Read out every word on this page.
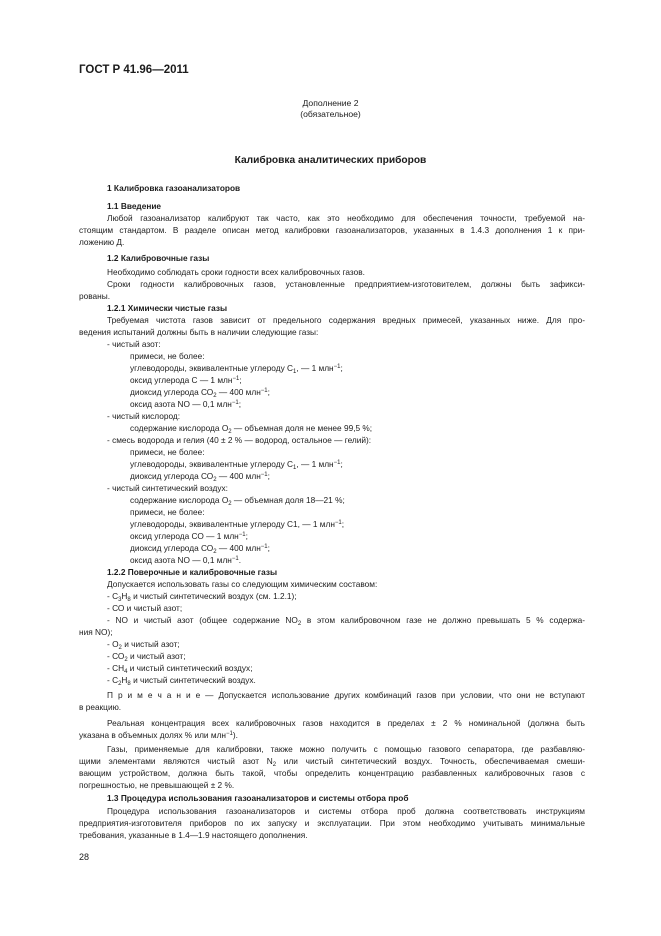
ГОСТ Р 41.96—2011
Дополнение 2
(обязательное)
Калибровка аналитических приборов
1 Калибровка газоанализаторов
1.1 Введение
Любой газоанализатор калибруют так часто, как это необходимо для обеспечения точности, требуемой на-
стоящим стандартом. В разделе описан метод калибровки газоанализаторов, указанных в 1.4.3 дополнения 1 к при-
ложению Д.
1.2 Калибровочные газы
Необходимо соблюдать сроки годности всех калибровочных газов.
Сроки годности калибровочных газов, установленные предприятием-изготовителем, должны быть зафикси-
рованы.
1.2.1 Химически чистые газы
Требуемая чистота газов зависит от предельного содержания вредных примесей, указанных ниже. Для про-
ведения испытаний должны быть в наличии следующие газы:
- чистый азот:
примеси, не более:
углеводороды, эквивалентные углероду $С_1$, — 1 млн$^{-1}$;
оксид углерода С — 1 млн$^{-1}$;
диоксид углерода $СО_2$ — 400 млн$^{-1}$;
оксид азота NO — 0,1 млн$^{-1}$;
- чистый кислород:
содержание кислорода $О_2$ — объемная доля не менее 99,5 %;
- смесь водорода и гелия (40 ± 2 % — водород, остальное — гелий):
примеси, не более:
углеводороды, эквивалентные углероду $С_1$, — 1 млн$^{-1}$;
диоксид углерода $СО_2$ — 400 млн$^{-1}$;
- чистый синтетический воздух:
содержание кислорода $О_2$ — объемная доля 18—21 %;
примеси, не более:
углеводороды, эквивалентные углероду С1, — 1 млн$^{-1}$;
оксид углерода СО — 1 млн$^{-1}$;
диоксид углерода $СО_2$ — 400 млн$^{-1}$;
оксид азота NO — 0,1 млн$^{-1}$.
1.2.2 Поверочные и калибровочные газы
Допускается использовать газы со следующим химическим составом:
- $С_3Н_8$ и чистый синтетический воздух (см. 1.2.1);
- СО и чистый азот;
- NO и чистый азот (общее содержание $NO_2$ в этом калибровочном газе не должно превышать 5 % содержа-
ния NO);
- $О_2$ и чистый азот;
- $СО_2$ и чистый азот;
- $СН_4$ и чистый синтетический воздух;
- $С_2Н_8$ и чистый синтетический воздух.
П р и м е ч а н и е — Допускается использование других комбинаций газов при условии, что они не вступают
в реакцию.
Реальная концентрация всех калибровочных газов находится в пределах ± 2 % номинальной (должна быть
указана в объемных долях % или млн$^{-1}$).
Газы, применяемые для калибровки, также можно получить с помощью газового сепаратора, где разбавляю-
щими элементами являются чистый азот $N_2$ или чистый синтетический воздух. Точность, обеспечиваемая смеши-
вающим устройством, должна быть такой, чтобы определить концентрацию разбавленных калибровочных газов с
погрешностью, не превышающей ± 2 %.
1.3 Процедура использования газоанализаторов и системы отбора проб
Процедура использования газоанализаторов и системы отбора проб должна соответствовать инструкциям
предприятия-изготовителя приборов по их запуску и эксплуатации. При этом необходимо учитывать минимальные
требования, указанные в 1.4—1.9 настоящего дополнения.
28
